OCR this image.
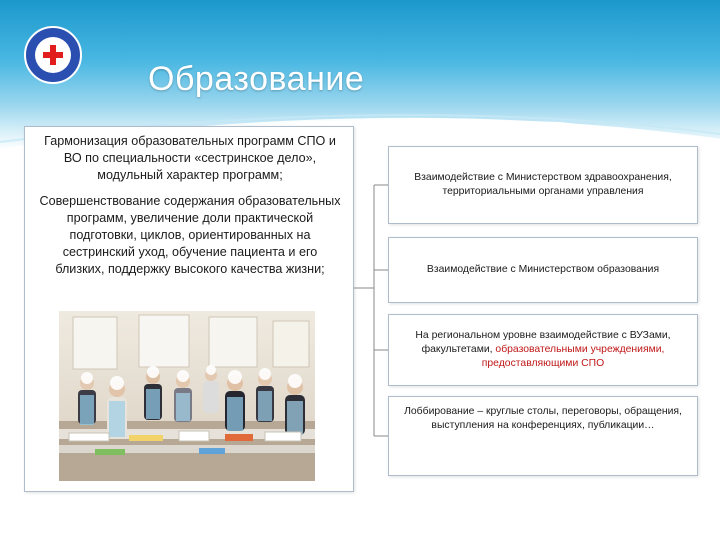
Образование
Гармонизация образовательных программ СПО и ВО по специальности «сестринское дело», модульный характер программ;
Совершенствование содержания образовательных программ, увеличение доли практической подготовки, циклов, ориентированных на сестринский уход, обучение пациента и его близких, поддержку высокого качества жизни;
Взаимодействие с Министерством здравоохранения, территориальными органами управления
Взаимодействие с Министерством образования
На региональном уровне взаимодействие с ВУЗами, факультетами, образовательными учреждениями, предоставляющими СПО
Лоббирование – круглые столы, переговоры, обращения, выступления на конференциях, публикации…
